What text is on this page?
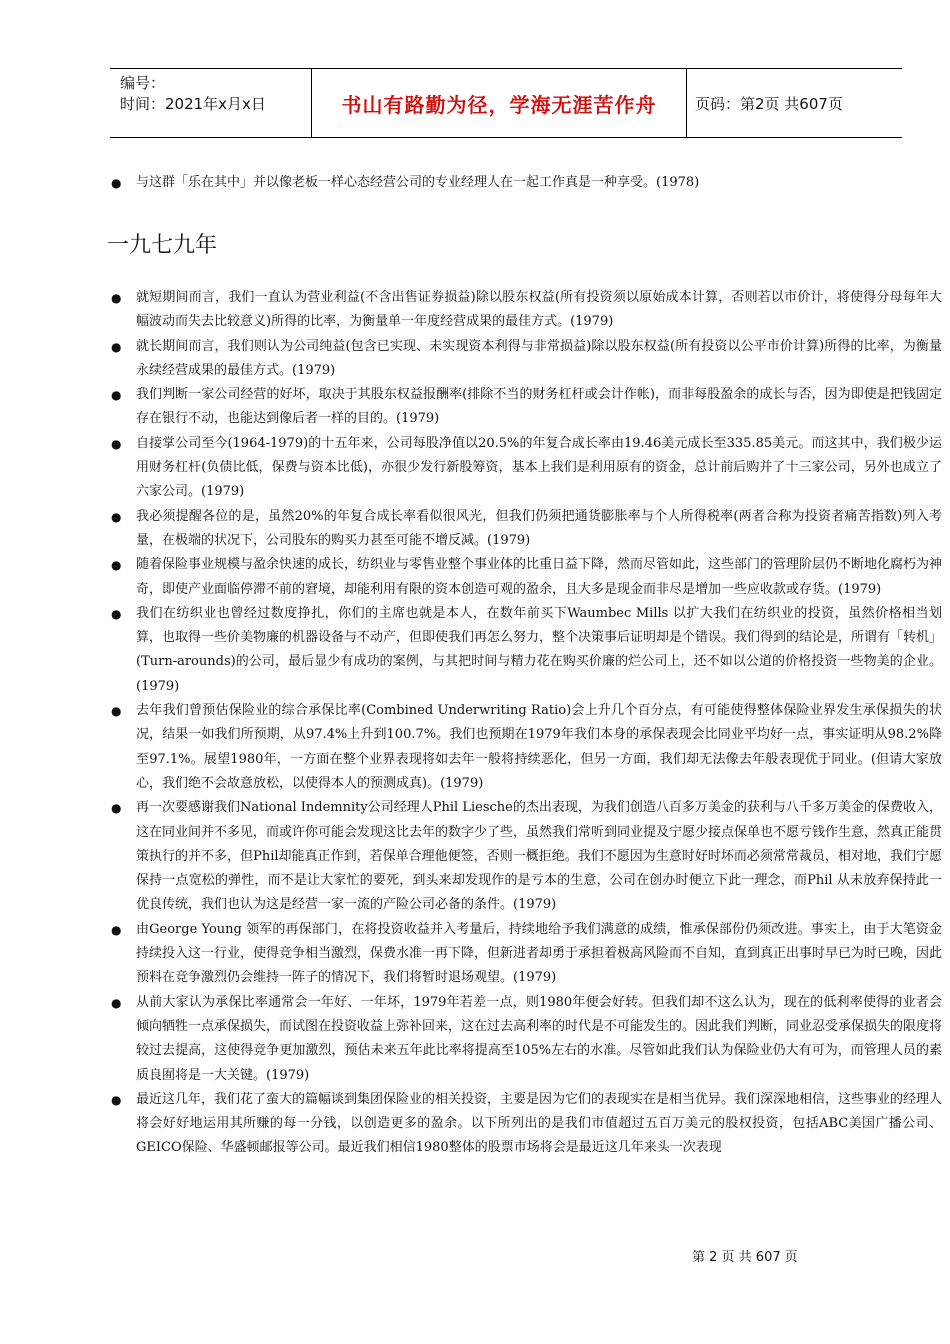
编号：
时间：2021年x月x日	书山有路勤为径，学海无涯苦作舟	页码：第2页 共607页
● 与这群「乐在其中」并以像老板一样心态经营公司的专业经理人在一起工作真是一种享受。(1978)
一九七九年
● 就短期间而言，我们一直认为营业利益(不含出售证券损益)除以股东权益(所有投资须以原始成本计算，否则若以市价计，将使得分母每年大幅波动而失去比较意义)所得的比率，为衡量单一年度经营成果的最佳方式。(1979)
● 就长期间而言，我们则认为公司纯益(包含已实现、未实现资本利得与非常损益)除以股东权益(所有投资以公平市价计算)所得的比率，为衡量永续经营成果的最佳方式。(1979)
● 我们判断一家公司经营的好坏，取决于其股东权益报酬率(排除不当的财务杠杆或会计作帐)，而非每股盈余的成长与否，因为即使是把钱固定存在银行不动，也能达到像后者一样的目的。(1979)
● 自接掌公司至今(1964-1979)的十五年来，公司每股净值以20.5%的年复合成长率由19.46美元成长至335.85美元。而这其中，我们极少运用财务杠杆(负债比低，保费与资本比低)，亦很少发行新股筹资，基本上我们是利用原有的资金，总计前后购并了十三家公司，另外也成立了六家公司。(1979)
● 我必须提醒各位的是，虽然20%的年复合成长率看似很风光，但我们仍须把通货膨胀率与个人所得税率(两者合称为投资者痛苦指数)列入考量，在极端的状况下，公司股东的购买力甚至可能不增反减。(1979)
● 随着保险事业规模与盈余快速的成长，纺织业与零售业整个事业体的比重日益下降，然而尽管如此，这些部门的管理阶层仍不断地化腐朽为神奇，即使产业面临停滞不前的窘境，却能利用有限的资本创造可观的盈余，且大多是现金而非尽是增加一些应收款或存货。(1979)
● 我们在纺织业也曾经过数度挣扎，你们的主席也就是本人，在数年前买下Waumbec Mills 以扩大我们在纺织业的投资，虽然价格相当划算，也取得一些价美物廉的机器设备与不动产，但即使我们再怎么努力，整个决策事后证明却是个错误。我们得到的结论是，所谓有「转机」(Turn-arounds)的公司，最后显少有成功的案例，与其把时间与精力花在购买价廉的烂公司上，还不如以公道的价格投资一些物美的企业。(1979)
● 去年我们曾预估保险业的综合承保比率(Combined Underwriting Ratio)会上升几个百分点，有可能使得整体保险业界发生承保损失的状况，结果一如我们所预期，从97.4%上升到100.7%。我们也预期在1979年我们本身的承保表现会比同业平均好一点，事实证明从98.2%降至97.1%。展望1980年，一方面在整个业界表现将如去年一般将持续恶化，但另一方面，我们却无法像去年般表现优于同业。(但请大家放心，我们绝不会故意放松，以使得本人的预测成真)。(1979)
● 再一次要感谢我们National Indemnity公司经理人Phil Liesche的杰出表现，为我们创造八百多万美金的获利与八千多万美金的保费收入，这在同业间并不多见，而或许你可能会发现这比去年的数字少了些，虽然我们常听到同业提及宁愿少接点保单也不愿亏钱作生意，然真正能贯策执行的并不多，但Phil却能真正作到，若保单合理他便签，否则一概拒绝。我们不愿因为生意时好时坏而必须常常裁员，相对地，我们宁愿保持一点宽松的弹性，而不是让大家忙的要死，到头来却发现作的是亏本的生意，公司在创办时便立下此一理念，而Phil 从未放弃保持此一优良传统，我们也认为这是经营一家一流的产险公司必备的条件。(1979)
● 由George Young 领军的再保部门，在将投资收益并入考量后，持续地给予我们满意的成绩，惟承保部份仍须改进。事实上，由于大笔资金持续投入这一行业，使得竞争相当激烈，保费水准一再下降，但新进者却勇于承担着极高风险而不自知，直到真正出事时早已为时已晚，因此预料在竞争激烈仍会维持一阵子的情况下，我们将暂时退场观望。(1979)
● 从前大家认为承保比率通常会一年好、一年坏，1979年若差一点，则1980年便会好转。但我们却不这么认为，现在的低利率使得的业者会倾向牺牲一点承保损失，而试图在投资收益上弥补回来，这在过去高利率的时代是不可能发生的。因此我们判断，同业忍受承保损失的限度将较过去提高，这使得竞争更加激烈，预估未来五年此比率将提高至105%左右的水准。尽管如此我们认为保险业仍大有可为，而管理人员的素质良囿将是一大关键。(1979)
● 最近这几年，我们花了蛮大的篇幅谈到集团保险业的相关投资，主要是因为它们的表现实在是相当优异。我们深深地相信，这些事业的经理人将会好好地运用其所赚的每一分钱，以创造更多的盈余。以下所列出的是我们市值超过五百万美元的股权投资，包括ABC美国广播公司、GEICO保险、华盛顿邮报等公司。最近我们相信1980整体的股票市场将会是最近这几年来头一次表现
第 2 页 共 607 页
